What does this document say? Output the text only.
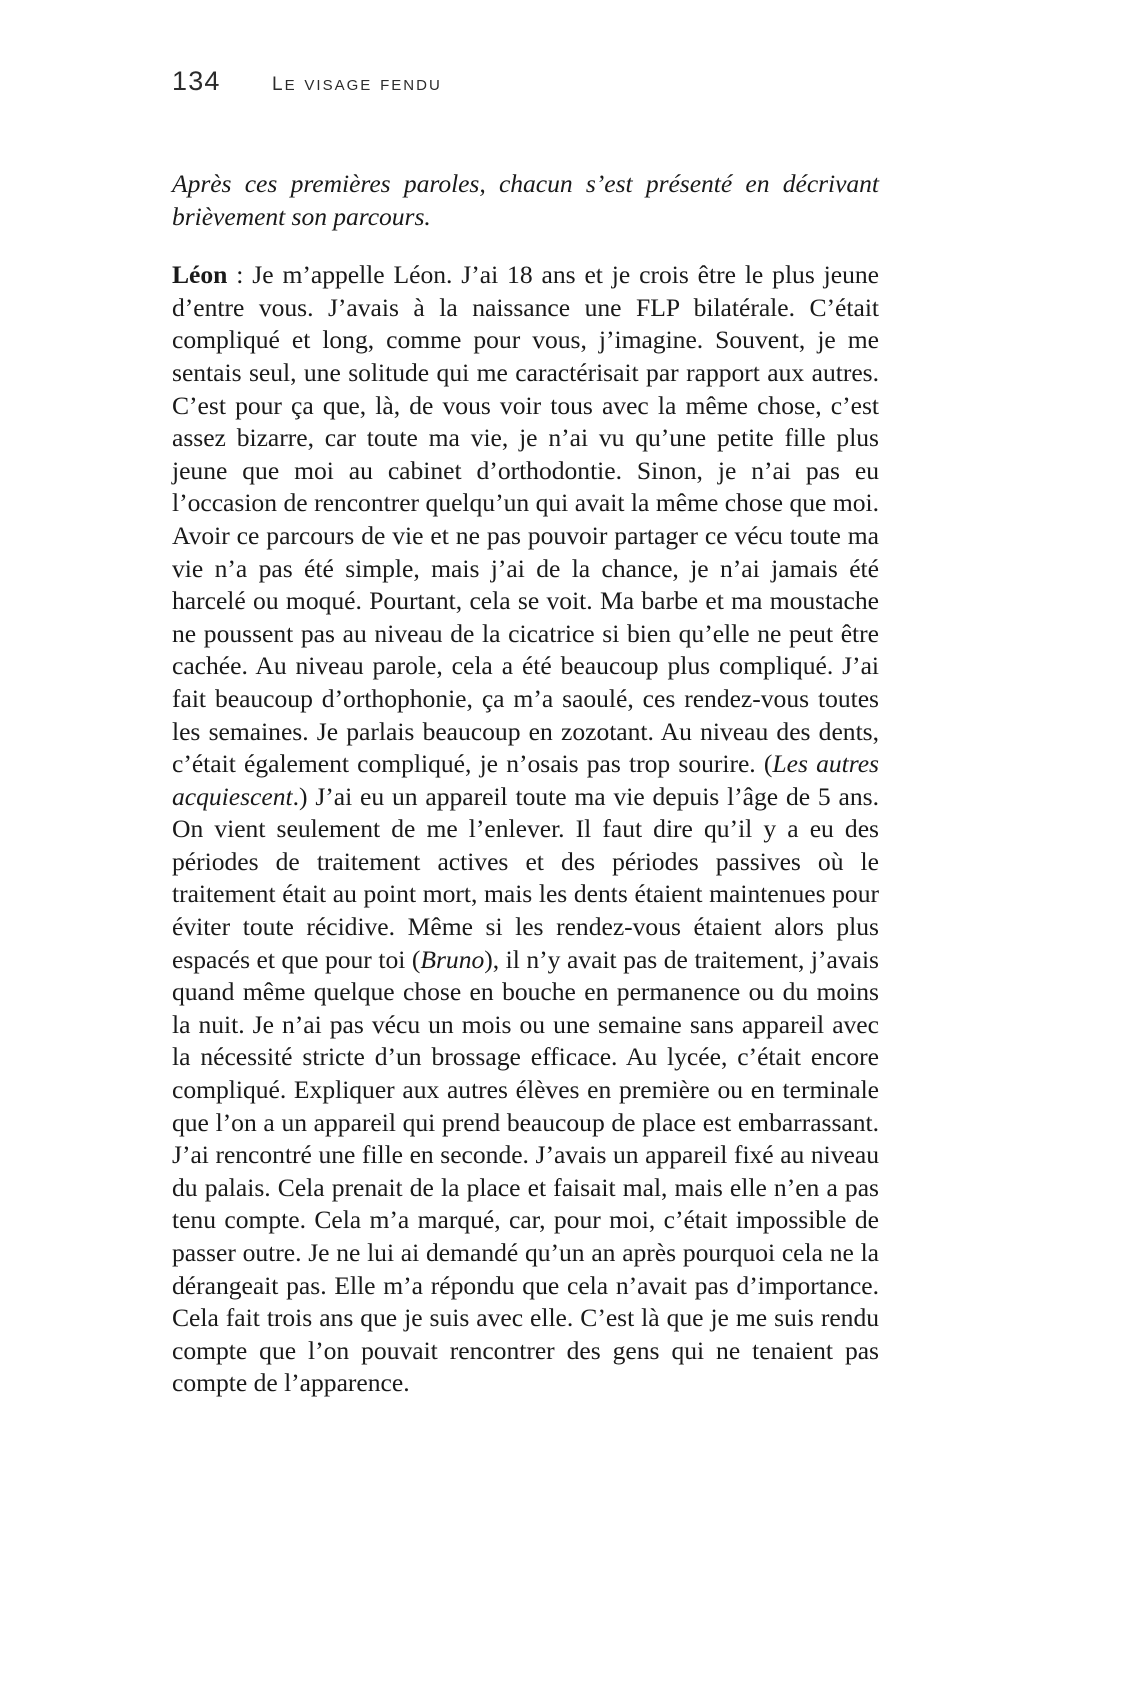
134	le visage fendu

Après ces premières paroles, chacun s’est présenté en décrivant brièvement son parcours.

Léon : Je m’appelle Léon. J’ai 18 ans et je crois être le plus jeune d’entre vous. J’avais à la naissance une FLP bilatérale. C’était compliqué et long, comme pour vous, j’imagine. Souvent, je me sentais seul, une solitude qui me caractérisait par rapport aux autres. C’est pour ça que, là, de vous voir tous avec la même chose, c’est assez bizarre, car toute ma vie, je n’ai vu qu’une petite fille plus jeune que moi au cabinet d’orthodontie. Sinon, je n’ai pas eu l’occasion de rencontrer quelqu’un qui avait la même chose que moi. Avoir ce parcours de vie et ne pas pouvoir partager ce vécu toute ma vie n’a pas été simple, mais j’ai de la chance, je n’ai jamais été harcelé ou moqué. Pourtant, cela se voit. Ma barbe et ma moustache ne poussent pas au niveau de la cicatrice si bien qu’elle ne peut être cachée. Au niveau parole, cela a été beaucoup plus compliqué. J’ai fait beaucoup d’orthophonie, ça m’a saoulé, ces rendez-vous toutes les semaines. Je parlais beaucoup en zozotant. Au niveau des dents, c’était également compliqué, je n’osais pas trop sourire. (Les autres acquiescent.) J’ai eu un appareil toute ma vie depuis l’âge de 5 ans. On vient seulement de me l’enlever. Il faut dire qu’il y a eu des périodes de traitement actives et des périodes passives où le traitement était au point mort, mais les dents étaient maintenues pour éviter toute récidive. Même si les rendez-vous étaient alors plus espacés et que pour toi (Bruno), il n’y avait pas de traitement, j’avais quand même quelque chose en bouche en permanence ou du moins la nuit. Je n’ai pas vécu un mois ou une semaine sans appareil avec la nécessité stricte d’un brossage efficace. Au lycée, c’était encore compliqué. Expliquer aux autres élèves en première ou en terminale que l’on a un appareil qui prend beaucoup de place est embarrassant. J’ai rencontré une fille en seconde. J’avais un appareil fixé au niveau du palais. Cela prenait de la place et faisait mal, mais elle n’en a pas tenu compte. Cela m’a marqué, car, pour moi, c’était impossible de passer outre. Je ne lui ai demandé qu’un an après pourquoi cela ne la dérangeait pas. Elle m’a répondu que cela n’avait pas d’importance. Cela fait trois ans que je suis avec elle. C’est là que je me suis rendu compte que l’on pouvait rencontrer des gens qui ne tenaient pas compte de l’apparence.
